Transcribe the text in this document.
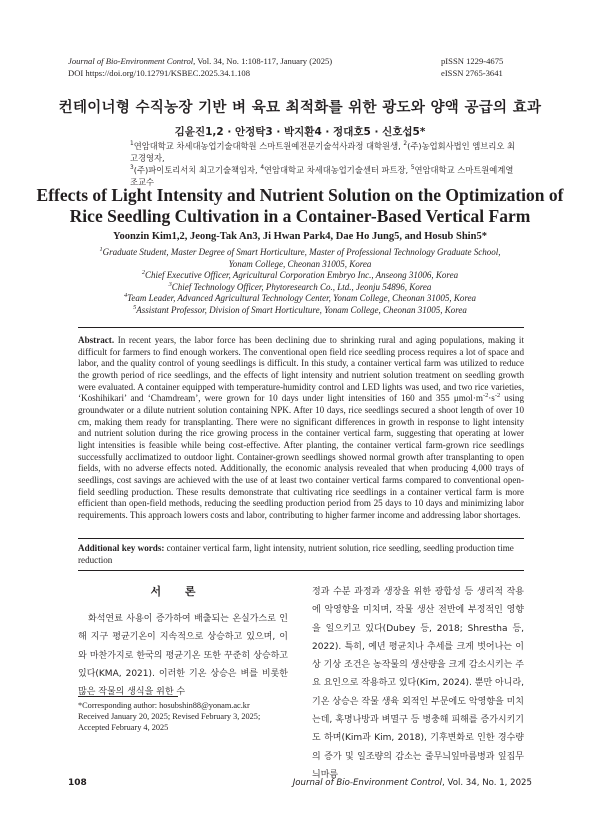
Journal of Bio-Environment Control, Vol. 34, No. 1:108-117, January (2025)
DOI https://doi.org/10.12791/KSBEC.2025.34.1.108
pISSN 1229-4675
eISSN 2765-3641
컨테이너형 수직농장 기반 벼 육묘 최적화를 위한 광도와 양액 공급의 효과
김윤진1,2 · 안정탁3 · 박지환4 · 정대호5 · 신호섭5*
$^1$연암대학교 차세대농업기술대학원 스마트원예전문기술석사과정 대학원생, $^2$(주)농업회사법인 엠브리오 최고경영자,
$^3$(주)파이토리서치 최고기술책임자, $^4$연암대학교 차세대농업기술센터 파트장, $^5$연암대학교 스마트원예계열 조교수
Effects of Light Intensity and Nutrient Solution on the Optimization of
Rice Seedling Cultivation in a Container-Based Vertical Farm
Yoonzin Kim1,2, Jeong-Tak An3, Ji Hwan Park4, Dae Ho Jung5, and Hosub Shin5*
$^1$Graduate Student, Master Degree of Smart Horticulture, Master of Professional Technology Graduate School,
Yonam College, Cheonan 31005, Korea
$^2$Chief Executive Officer, Agricultural Corporation Embryo Inc., Anseong 31006, Korea
$^3$Chief Technology Officer, Phytoresearch Co., Ltd., Jeonju 54896, Korea
$^4$Team Leader, Advanced Agricultural Technology Center, Yonam College, Cheonan 31005, Korea
$^5$Assistant Professor, Division of Smart Horticulture, Yonam College, Cheonan 31005, Korea
Abstract. In recent years, the labor force has been declining due to shrinking rural and aging populations, making it difficult for farmers to find enough workers. The conventional open field rice seedling process requires a lot of space and labor, and the quality control of young seedlings is difficult. In this study, a container vertical farm was utilized to reduce the growth period of rice seedlings, and the effects of light intensity and nutrient solution treatment on seedling growth were evaluated. A container equipped with temperature-humidity control and LED lights was used, and two rice varieties, ‘Koshihikari’ and ‘Chamdream’, were grown for 10 days under light intensities of 160 and 355 $\mu mol\cdot m^{-2}\cdot s^{-2}$ using groundwater or a dilute nutrient solution containing NPK. After 10 days, rice seedlings secured a shoot length of over 10 cm, making them ready for transplanting. There were no significant differences in growth in response to light intensity and nutrient solution during the rice growing process in the container vertical farm, suggesting that operating at lower light intensities is feasible while being cost-effective. After planting, the container vertical farm-grown rice seedlings successfully acclimatized to outdoor light. Container-grown seedlings showed normal growth after transplanting to open fields, with no adverse effects noted. Additionally, the economic analysis revealed that when producing 4,000 trays of seedlings, cost savings are achieved with the use of at least two container vertical farms compared to conventional open-field seedling production. These results demonstrate that cultivating rice seedlings in a container vertical farm is more efficient than open-field methods, reducing the seedling production period from 25 days to 10 days and minimizing labor requirements. This approach lowers costs and labor, contributing to higher farmer income and addressing labor shortages.
Additional key words: container vertical farm, light intensity, nutrient solution, rice seedling, seedling production time reduction
서 론
화석연료 사용이 증가하여 배출되는 온실가스로 인해 지구 평균기온이 지속적으로 상승하고 있으며, 이와 마찬가지로 한국의 평균기온 또한 꾸준히 상승하고 있다(KMA, 2021). 이러한 기온 상승은 벼를 비롯한 많은 작물의 생식을 위한 수
정과 수분 과정과 생장을 위한 광합성 등 생리적 작용에 악영향을 미치며, 작물 생산 전반에 부정적인 영향을 일으키고 있다(Dubey 등, 2018; Shrestha 등, 2022). 특히, 예년 평균치나 추세를 크게 벗어나는 이상 기상 조건은 농작물의 생산량을 크게 감소시키는 주요 요인으로 작용하고 있다(Kim, 2024). 뿐만 아니라, 기온 상승은 작물 생육 외적인 부문에도 악영향을 미치는데, 혹명나방과 벼멸구 등 병충해 피해를 증가시키기도 하며(Kim과 Kim, 2018), 기후변화로 인한 경수량의 증가 및 일조량의 감소는 줄무늬잎마름병과 잎집무늬마름
*Corresponding author: hosubshin88@yonam.ac.kr
Received January 20, 2025; Revised February 3, 2025;
Accepted February 4, 2025
108	Journal of Bio-Environment Control, Vol. 34, No. 1, 2025
